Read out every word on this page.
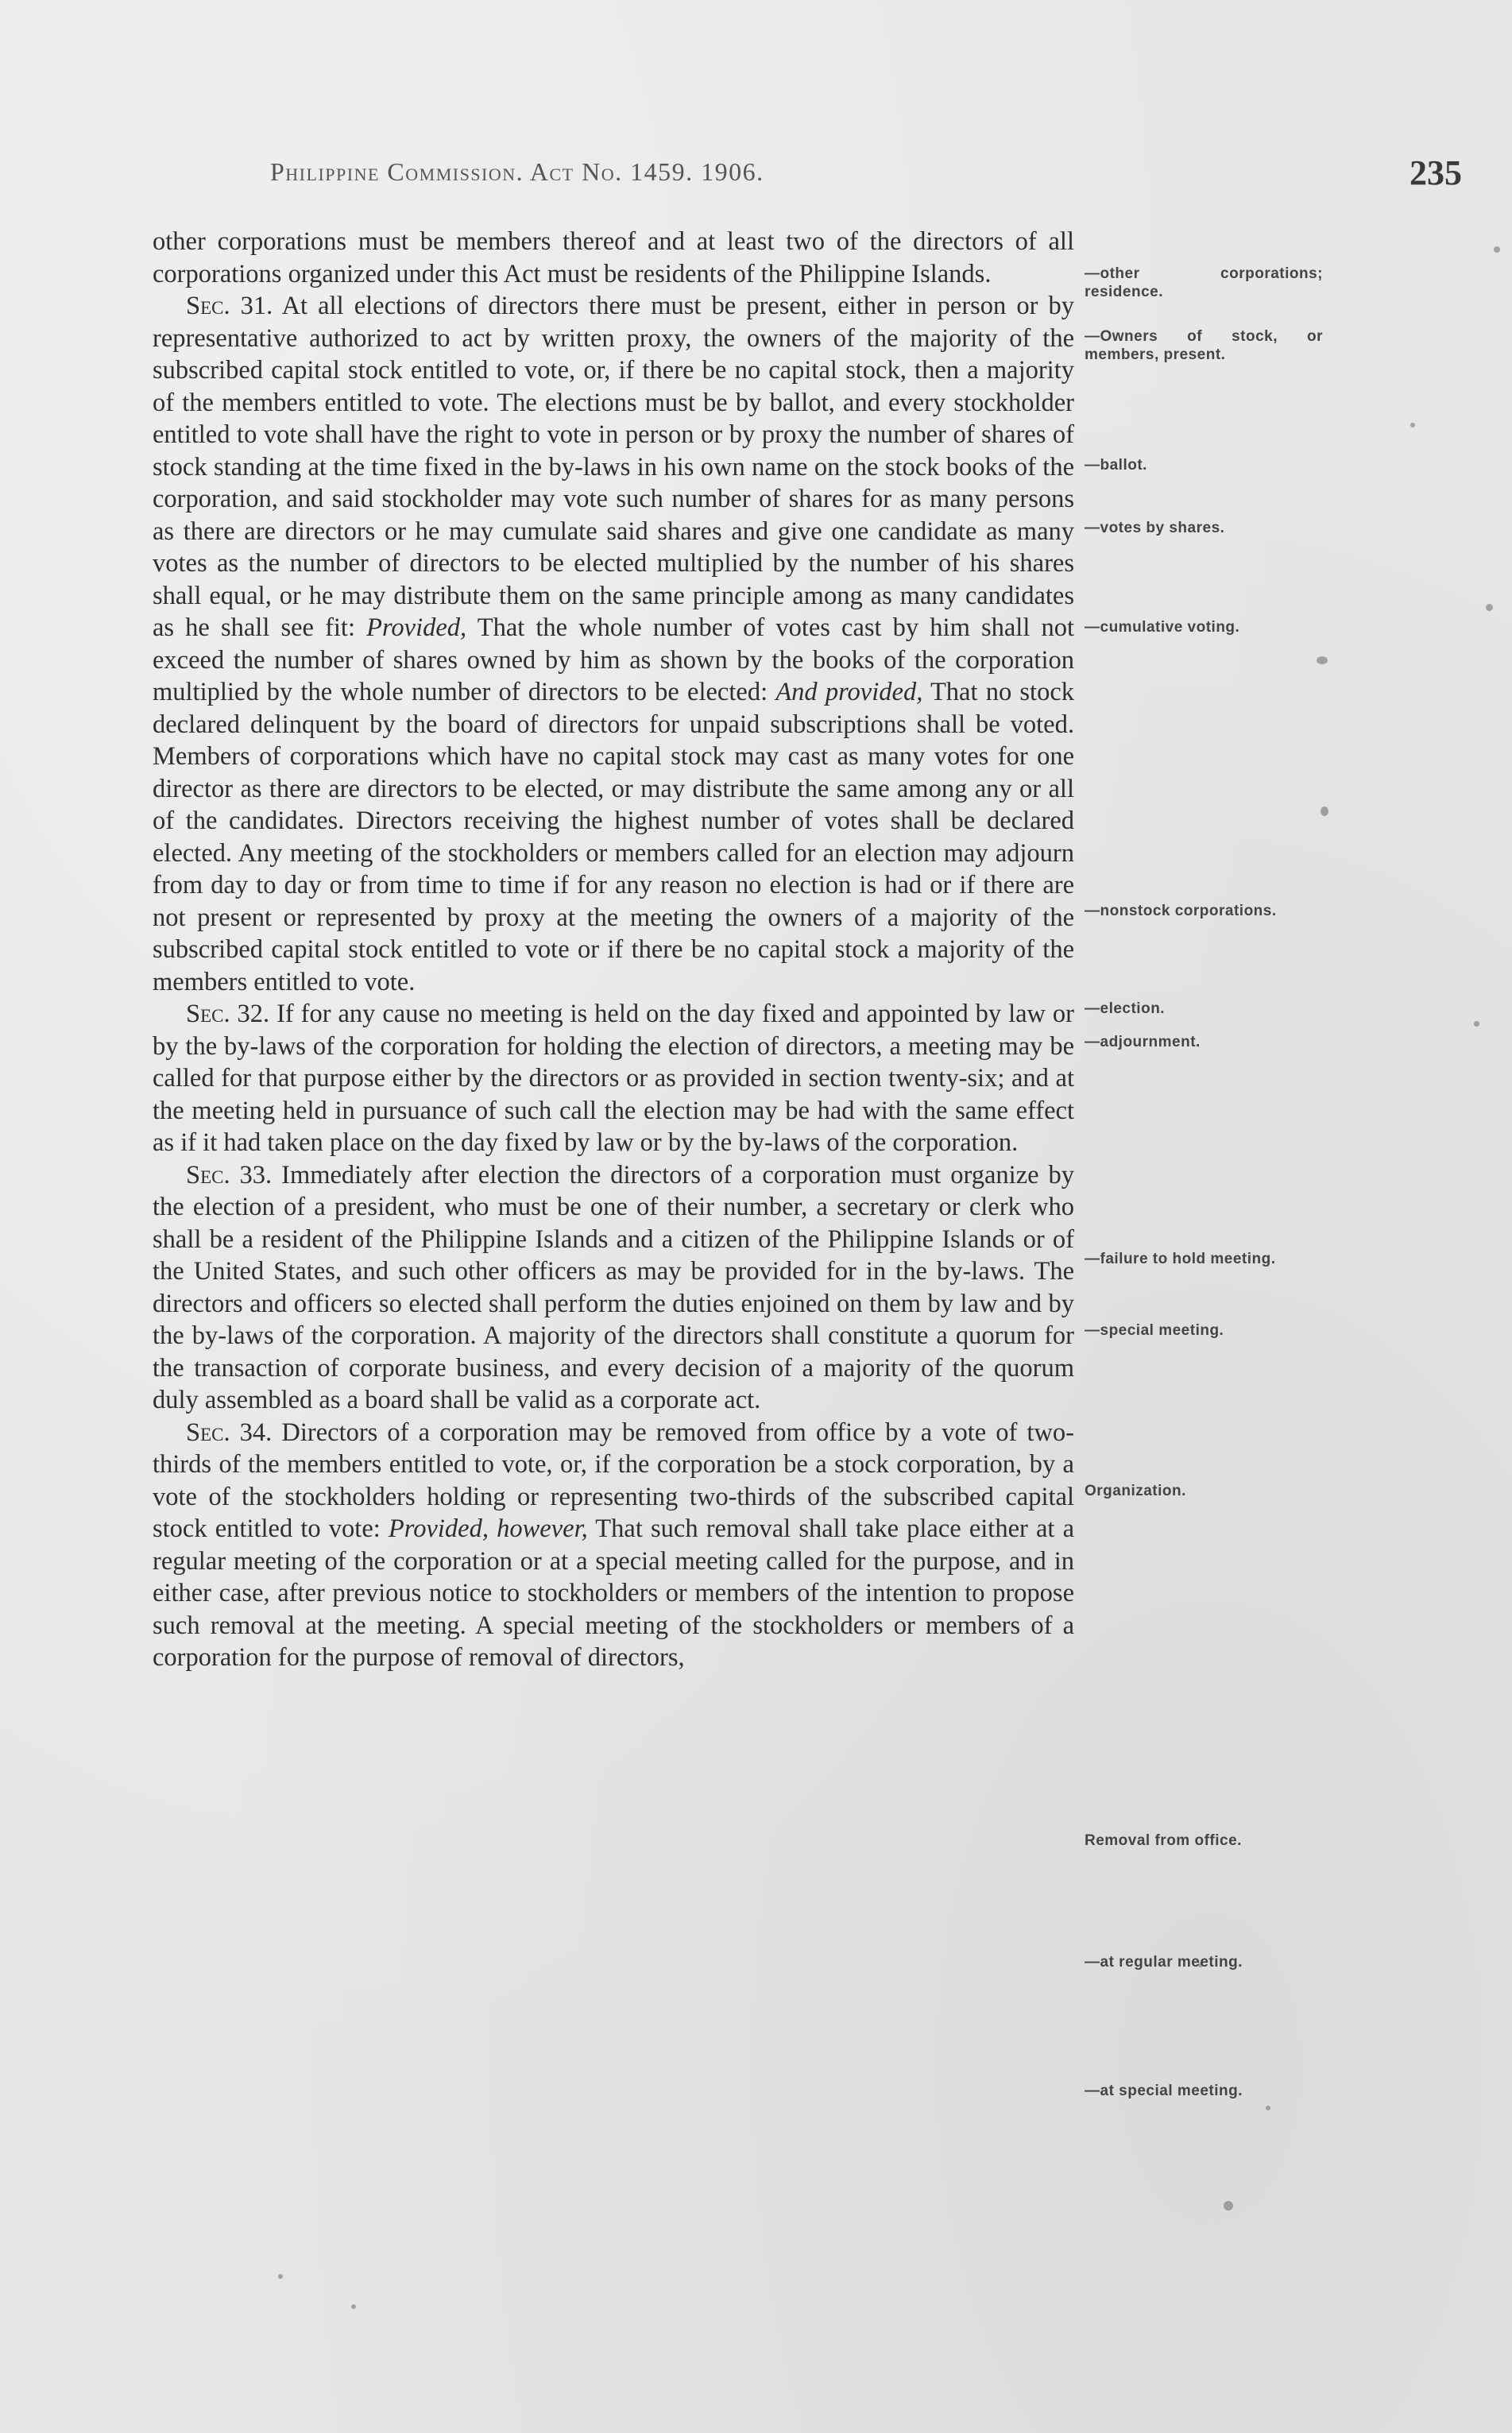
Philippine Commission. Act No. 1459. 1906.	235

other corporations must be members thereof and at least two of the directors of all corporations organized under this Act must be residents of the Philippine Islands.

Sec. 31. At all elections of directors there must be present, either in person or by representative authorized to act by written proxy, the owners of the majority of the subscribed capital stock entitled to vote, or, if there be no capital stock, then a majority of the members entitled to vote. The elections must be by ballot, and every stockholder entitled to vote shall have the right to vote in person or by proxy the number of shares of stock standing at the time fixed in the by-laws in his own name on the stock books of the corporation, and said stockholder may vote such number of shares for as many persons as there are directors or he may cumulate said shares and give one candidate as many votes as the number of directors to be elected multiplied by the number of his shares shall equal, or he may distribute them on the same principle among as many candidates as he shall see fit: Provided, That the whole number of votes cast by him shall not exceed the number of shares owned by him as shown by the books of the corporation multiplied by the whole number of directors to be elected: And provided, That no stock declared delinquent by the board of directors for unpaid subscriptions shall be voted. Members of corporations which have no capital stock may cast as many votes for one director as there are directors to be elected, or may distribute the same among any or all of the candidates. Directors receiving the highest number of votes shall be declared elected. Any meeting of the stockholders or members called for an election may adjourn from day to day or from time to time if for any reason no election is had or if there are not present or represented by proxy at the meeting the owners of a majority of the subscribed capital stock entitled to vote or if there be no capital stock a majority of the members entitled to vote.

Sec. 32. If for any cause no meeting is held on the day fixed and appointed by law or by the by-laws of the corporation for holding the election of directors, a meeting may be called for that purpose either by the directors or as provided in section twenty-six; and at the meeting held in pursuance of such call the election may be had with the same effect as if it had taken place on the day fixed by law or by the by-laws of the corporation.

Sec. 33. Immediately after election the directors of a corporation must organize by the election of a president, who must be one of their number, a secretary or clerk who shall be a resident of the Philippine Islands and a citizen of the Philippine Islands or of the United States, and such other officers as may be provided for in the by-laws. The directors and officers so elected shall perform the duties enjoined on them by law and by the by-laws of the corporation. A majority of the directors shall constitute a quorum for the transaction of corporate business, and every decision of a majority of the quorum duly assembled as a board shall be valid as a corporate act.

Sec. 34. Directors of a corporation may be removed from office by a vote of two-thirds of the members entitled to vote, or, if the corporation be a stock corporation, by a vote of the stockholders holding or representing two-thirds of the subscribed capital stock entitled to vote: Provided, however, That such removal shall take place either at a regular meeting of the corporation or at a special meeting called for the purpose, and in either case, after previous notice to stockholders or members of the intention to propose such removal at the meeting. A special meeting of the stockholders or members of a corporation for the purpose of removal of directors,

—other corporations; residence.
—Owners of stock, or members, present.
—ballot.
—votes by shares.
—cumulative voting.
—nonstock corporations.
—election.
—adjournment.
—failure to hold meeting.
—special meeting.
Organization.
Removal from office.
—at regular meeting.
—at special meeting.
